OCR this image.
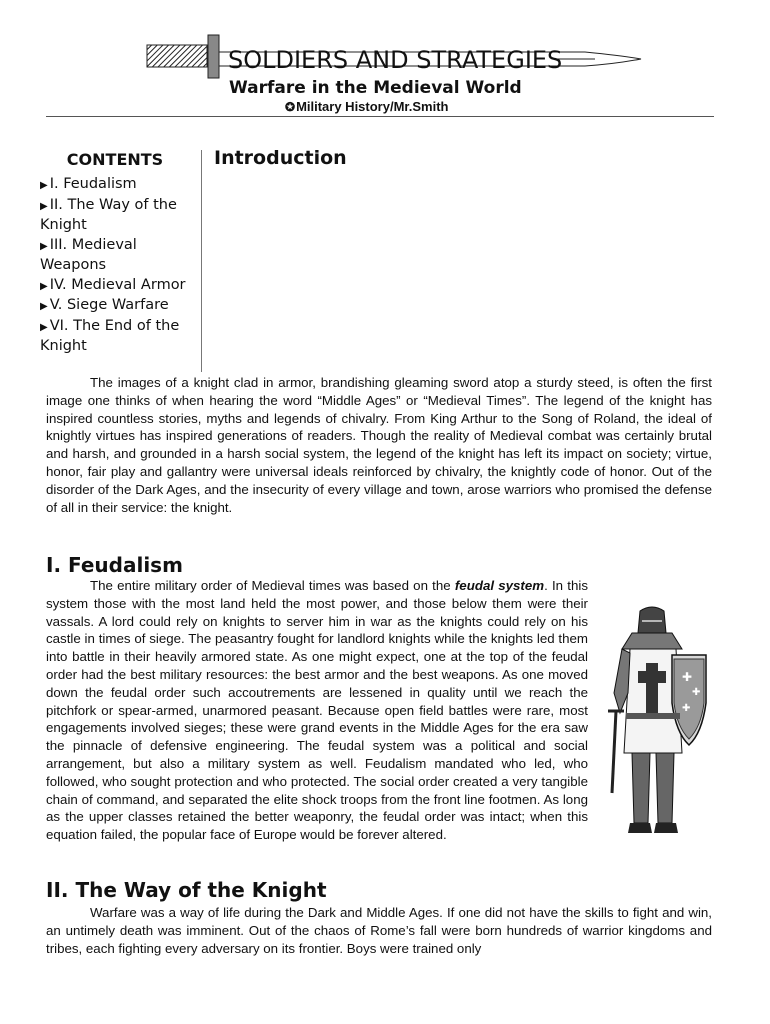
SOLDIERS AND STRATEGIES
Warfare in the Medieval World
✪Military History/Mr.Smith
CONTENTS
▶ I. Feudalism
▶ II. The Way of the Knight
▶ III. Medieval Weapons
▶ IV. Medieval Armor
▶ V. Siege Warfare
▶ VI. The End of the Knight
Introduction

The images of a knight clad in armor, brandishing gleaming sword atop a sturdy steed, is often the first image one thinks of when hearing the word “Middle Ages” or “Medieval Times”. The legend of the knight has inspired countless stories, myths and legends of chivalry. From King Arthur to the Song of Roland, the ideal of knightly virtues has inspired generations of readers. Though the reality of Medieval combat was certainly brutal and harsh, and grounded in a harsh social system, the legend of the knight has left its impact on society; virtue, honor, fair play and gallantry were universal ideals reinforced by chivalry, the knightly code of honor. Out of the disorder of the Dark Ages, and the insecurity of every village and town, arose warriors who promised the defense of all in their service: the knight.

I. Feudalism
✚
✚
✚

The entire military order of Medieval times was based on the feudal system. In this system those with the most land held the most power, and those below them were their vassals. A lord could rely on knights to server him in war as the knights could rely on his castle in times of siege. The peasantry fought for landlord knights while the knights led them into battle in their heavily armored state. As one might expect, one at the top of the feudal order had the best military resources: the best armor and the best weapons. As one moved down the feudal order such accoutrements are lessened in quality until we reach the pitchfork or spear-armed, unarmored peasant. Because open field battles were rare, most engagements involved sieges; these were grand events in the Middle Ages for the era saw the pinnacle of defensive engineering. The feudal system was a political and social arrangement, but also a military system as well. Feudalism mandated who led, who followed, who sought protection and who protected. The social order created a very tangible chain of command, and separated the elite shock troops from the front line footmen. As long as the upper classes retained the better weaponry, the feudal order was intact; when this equation failed, the popular face of Europe would be forever altered.

II. The Way of the Knight

Warfare was a way of life during the Dark and Middle Ages. If one did not have the skills to fight and win, an untimely death was imminent. Out of the chaos of Rome’s fall were born hundreds of warrior kingdoms and tribes, each fighting every adversary on its frontier. Boys were trained only
